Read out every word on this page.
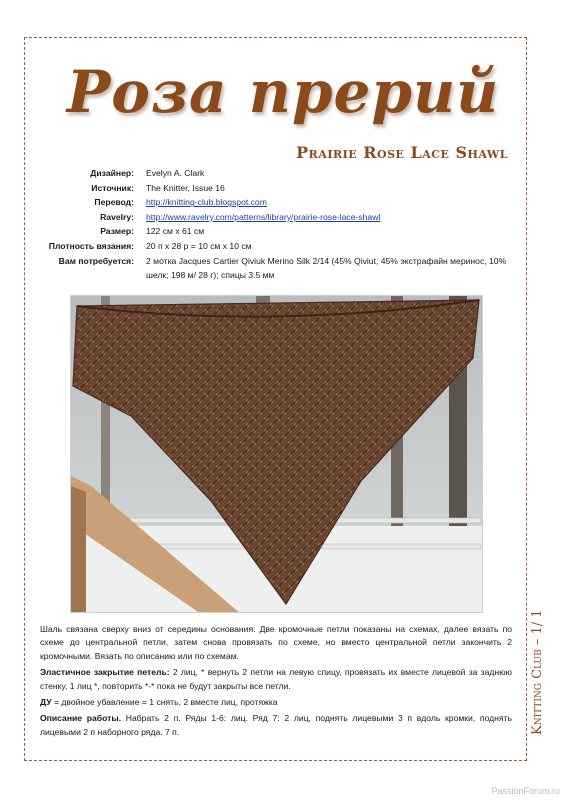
Роза прерий
Prairie Rose Lace Shawl
Дизайнер:	Evelyn A. Clark
Источник:	The Knitter, Issue 16
Перевод:	http://knitting-club.blogspot.com
Ravelry:	http://www.ravelry.com/patterns/library/prairie-rose-lace-shawl
Размер:	122 см х 61 см
Плотность вязания:	20 п х 28 р = 10 см х 10 см
Вам потребуется:	2 мотка Jacques Cartier Qiviuk Merino Silk 2/14 (45% Qiviut, 45% экстрафайн меринос, 10% шелк; 198 м/ 28 г); спицы 3.5 мм

Шаль связана сверху вниз от середины основания. Две кромочные петли показаны на схемах, далее вязать по схеме до центральной петли, затем снова провязать по схеме, но вместо центральной петли закончить 2 кромочными. Вязать по описанию или по схемам.

Эластичное закрытие петель: 2 лиц, * вернуть 2 петли на левую спицу, провязать их вместе лицевой за заднюю стенку, 1 лиц *, повторить *-* пока не будут закрыты все петли.

ДУ = двойное убавление = 1 снять, 2 вместе лиц, протяжка

Описание работы. Набрать 2 п. Ряды 1-6: лиц. Ряд 7: 2 лиц, поднять лицевыми 3 п вдоль кромки, поднять лицевыми 2 п наборного ряда. 7 п.	Knitting Club – 1/ 1
PassionForum.ru
